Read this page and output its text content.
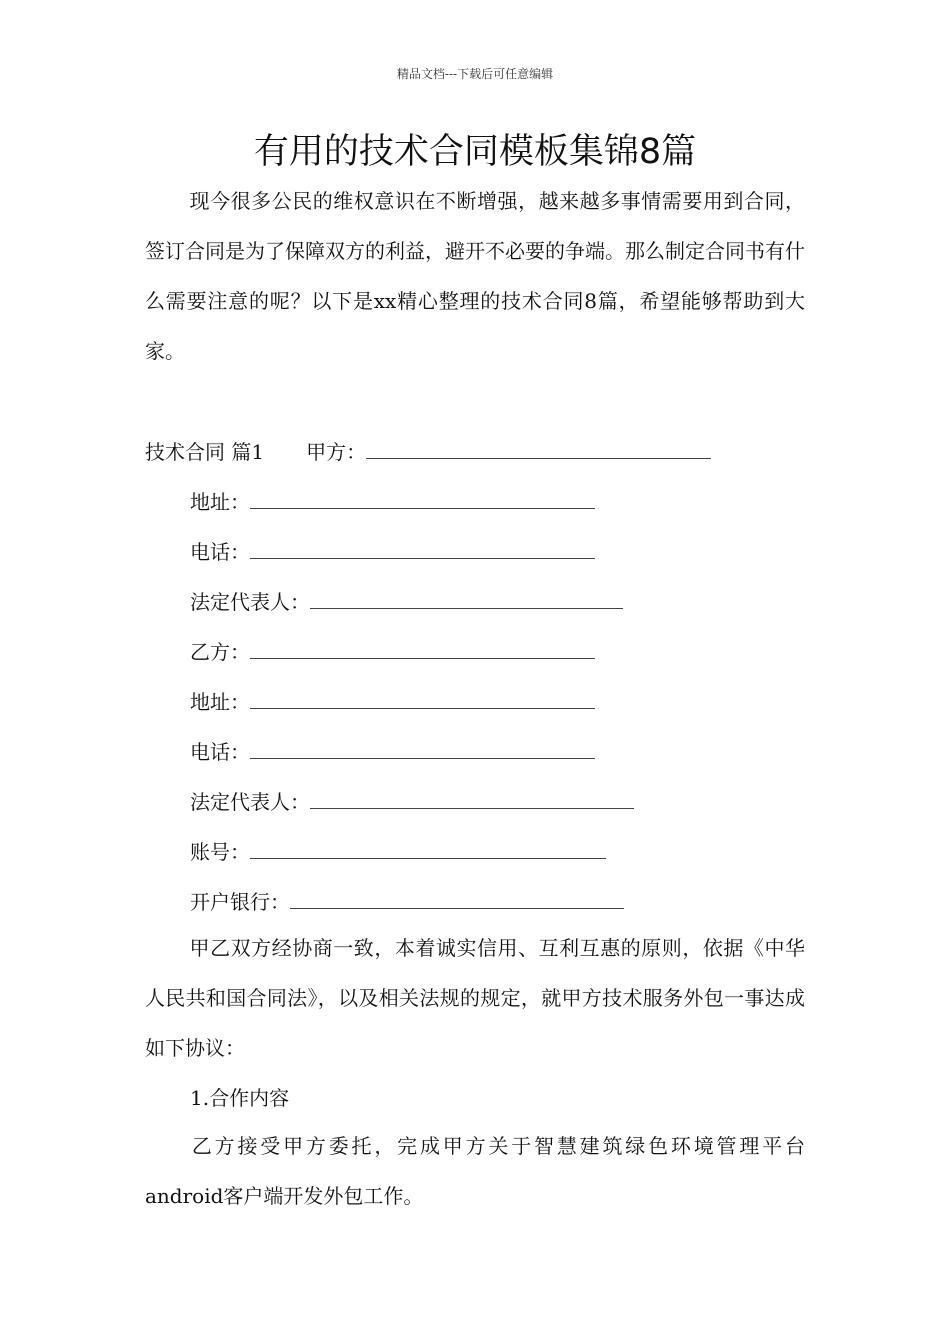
精品文档---下载后可任意编辑
有用的技术合同模板集锦8篇

现今很多公民的维权意识在不断增强，越来越多事情需要用到合同，签订合同是为了保障双方的利益，避开不必要的争端。那么制定合同书有什么需要注意的呢？以下是xx精心整理的技术合同8篇，希望能够帮助到大家。

技术合同 篇1 甲方：
地址：
电话：
法定代表人：
乙方：
地址：
电话：
法定代表人：
账号：
开户银行：

甲乙双方经协商一致，本着诚实信用、互利互惠的原则，依据《中华人民共和国合同法》，以及相关法规的规定，就甲方技术服务外包一事达成如下协议：

1.合作内容

乙方接受甲方委托，完成甲方关于智慧建筑绿色环境管理平台android客户端开发外包工作。
